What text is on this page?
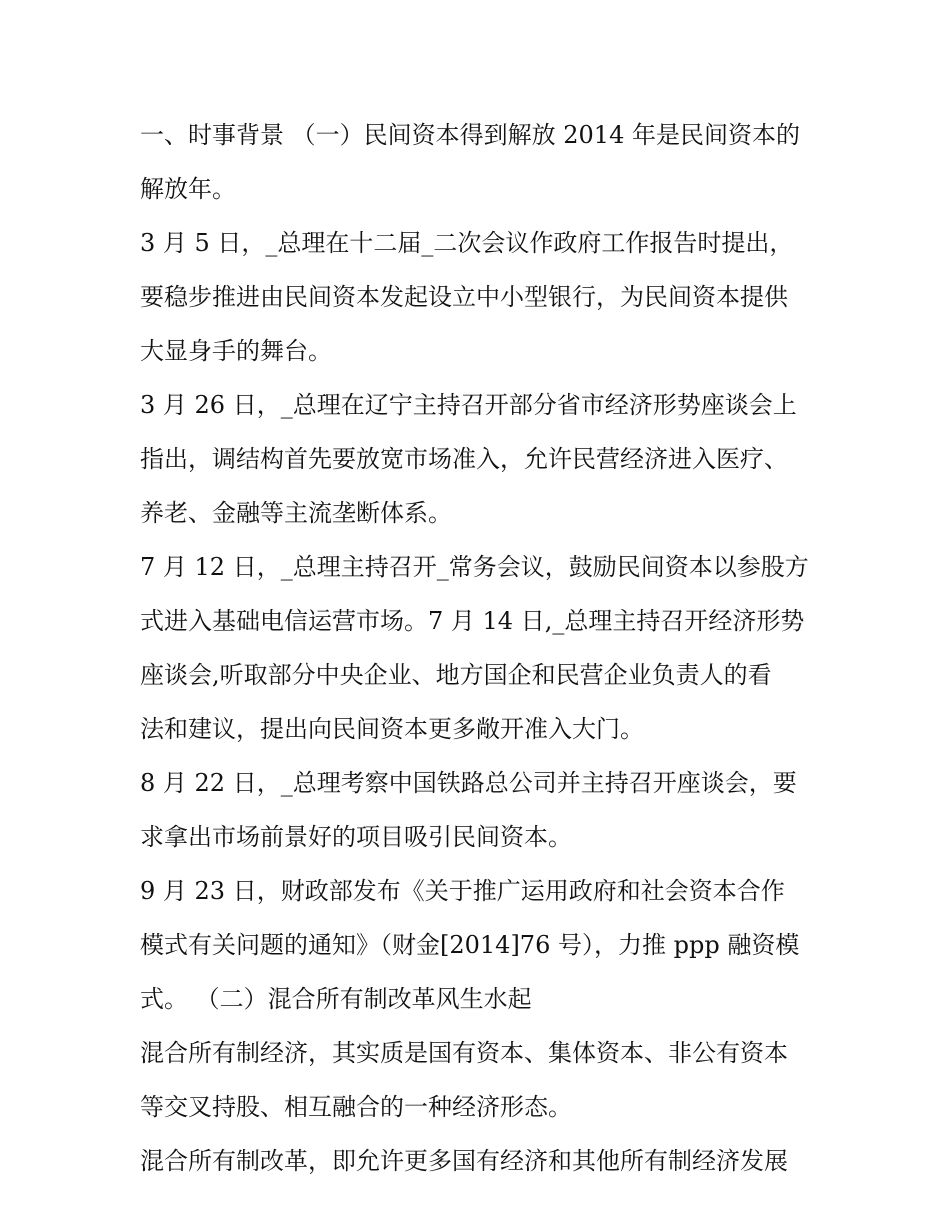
一、时事背景 （一）民间资本得到解放 2014 年是民间资本的

解放年。

3 月 5 日，_总理在十二届_二次会议作政府工作报告时提出，

要稳步推进由民间资本发起设立中小型银行，为民间资本提供

大显身手的舞台。

3 月 26 日，_总理在辽宁主持召开部分省市经济形势座谈会上

指出，调结构首先要放宽市场准入，允许民营经济进入医疗、

养老、金融等主流垄断体系。

7 月 12 日，_总理主持召开_常务会议，鼓励民间资本以参股方

式进入基础电信运营市场。7 月 14 日,_总理主持召开经济形势

座谈会,听取部分中央企业、地方国企和民营企业负责人的看

法和建议，提出向民间资本更多敞开准入大门。

8 月 22 日，_总理考察中国铁路总公司并主持召开座谈会，要

求拿出市场前景好的项目吸引民间资本。

9 月 23 日，财政部发布《关于推广运用政府和社会资本合作

模式有关问题的通知》（财金[2014]76 号），力推 ppp 融资模

式。 （二）混合所有制改革风生水起

混合所有制经济，其实质是国有资本、集体资本、非公有资本

等交叉持股、相互融合的一种经济形态。

混合所有制改革，即允许更多国有经济和其他所有制经济发展
